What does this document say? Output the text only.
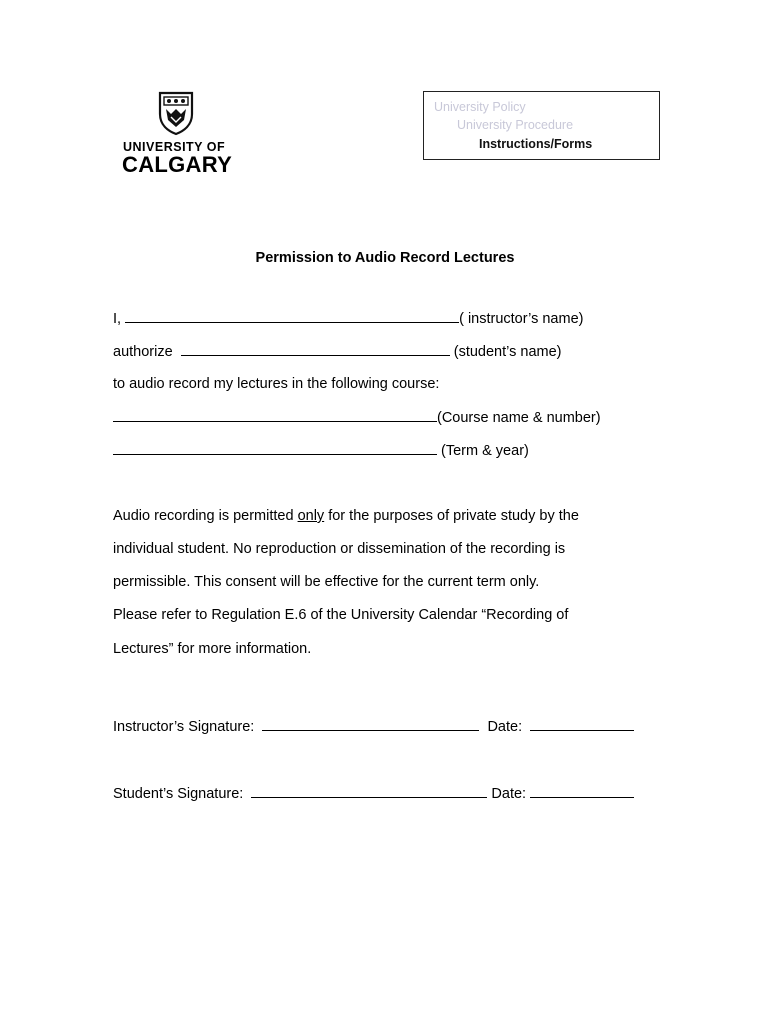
UNIVERSITY OF
CALGARY
University Policy
University Procedure
Instructions/Forms
Permission to Audio Record Lectures
I,	( instructor’s name)
authorize	(student’s name)
to audio record my lectures in the following course:
(Course name & number)
(Term & year)
Audio recording is permitted only for the purposes of private study by the
individual student. No reproduction or dissemination of the recording is
permissible. This consent will be effective for the current term only.
Please refer to Regulation E.6 of the University Calendar “Recording of
Lectures” for more information.
Instructor’s Signature:	Date:
Student’s Signature:	Date:
